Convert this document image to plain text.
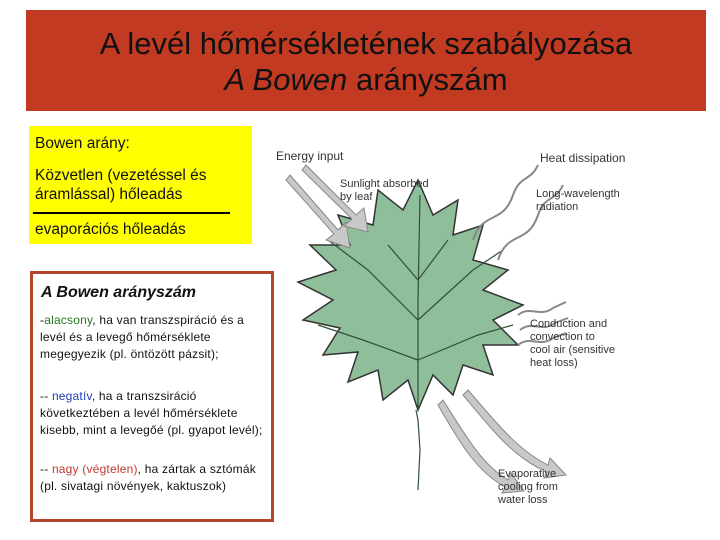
A levél hőmérsékletének szabályozása
A Bowen arányszám
Bowen arány:
Közvetlen (vezetéssel és áramlással) hőleadás
evaporációs hőleadás
A Bowen arányszám
-alacsony, ha van transzspiráció és a levél és a levegő hőmérséklete megegyezik (pl. öntözött pázsit);
-- negatív, ha a transzsiráció következtében a levél hőmérséklete kisebb, mint a levegőé (pl. gyapot levél);
-- nagy (végtelen), ha zártak a sztómák (pl. sivatagi növények, kaktuszok)
Energy input	Heat dissipation
Sunlight absorbed
by leaf	Long-wavelength
radiation
Conduction and
convection to
cool air (sensitive
heat loss)
Evaporative
cooling from
water loss
